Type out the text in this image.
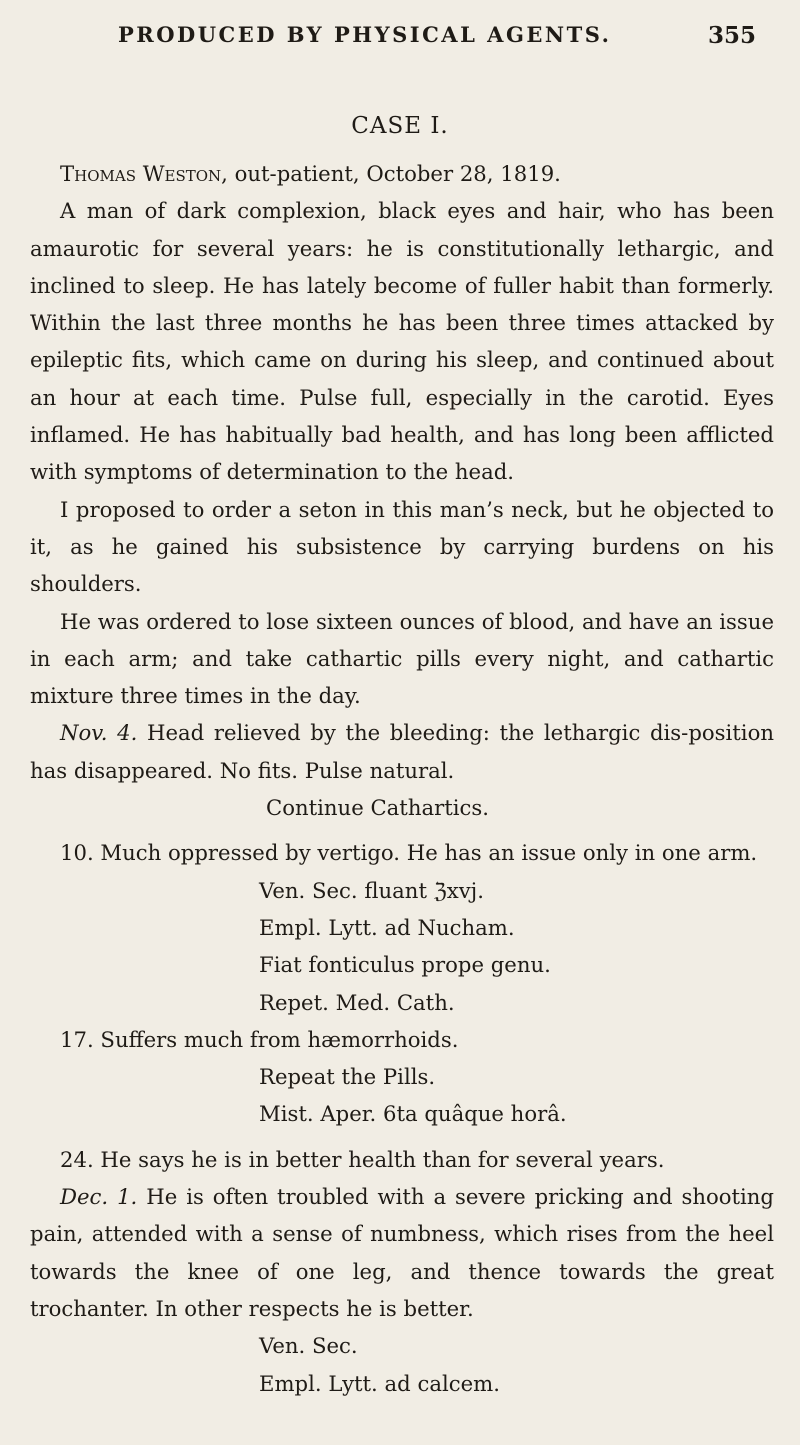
PRODUCED BY PHYSICAL AGENTS.	355
CASE I.

Thomas Weston, out-patient, October 28, 1819.

A man of dark complexion, black eyes and hair, who has been amaurotic for several years: he is constitutionally lethargic, and inclined to sleep. He has lately become of fuller habit than formerly. Within the last three months he has been three times attacked by epileptic fits, which came on during his sleep, and continued about an hour at each time. Pulse full, especially in the carotid. Eyes inflamed. He has habitually bad health, and has long been afflicted with symptoms of determination to the head.

I proposed to order a seton in this man’s neck, but he objected to it, as he gained his subsistence by carrying burdens on his shoulders.

He was ordered to lose sixteen ounces of blood, and have an issue in each arm; and take cathartic pills every night, and cathartic mixture three times in the day.

Nov. 4. Head relieved by the bleeding: the lethargic dis-position has disappeared. No fits. Pulse natural.

Continue Cathartics.

10. Much oppressed by vertigo. He has an issue only in one arm.

Ven. Sec. fluant ℨxvj.
Empl. Lytt. ad Nucham.
Fiat fonticulus prope genu.
Repet. Med. Cath.

17. Suffers much from hæmorrhoids.

Repeat the Pills.
Mist. Aper. 6ta quâque horâ.

24. He says he is in better health than for several years.

Dec. 1. He is often troubled with a severe pricking and shooting pain, attended with a sense of numbness, which rises from the heel towards the knee of one leg, and thence towards the great trochanter. In other respects he is better.

Ven. Sec.
Empl. Lytt. ad calcem.
